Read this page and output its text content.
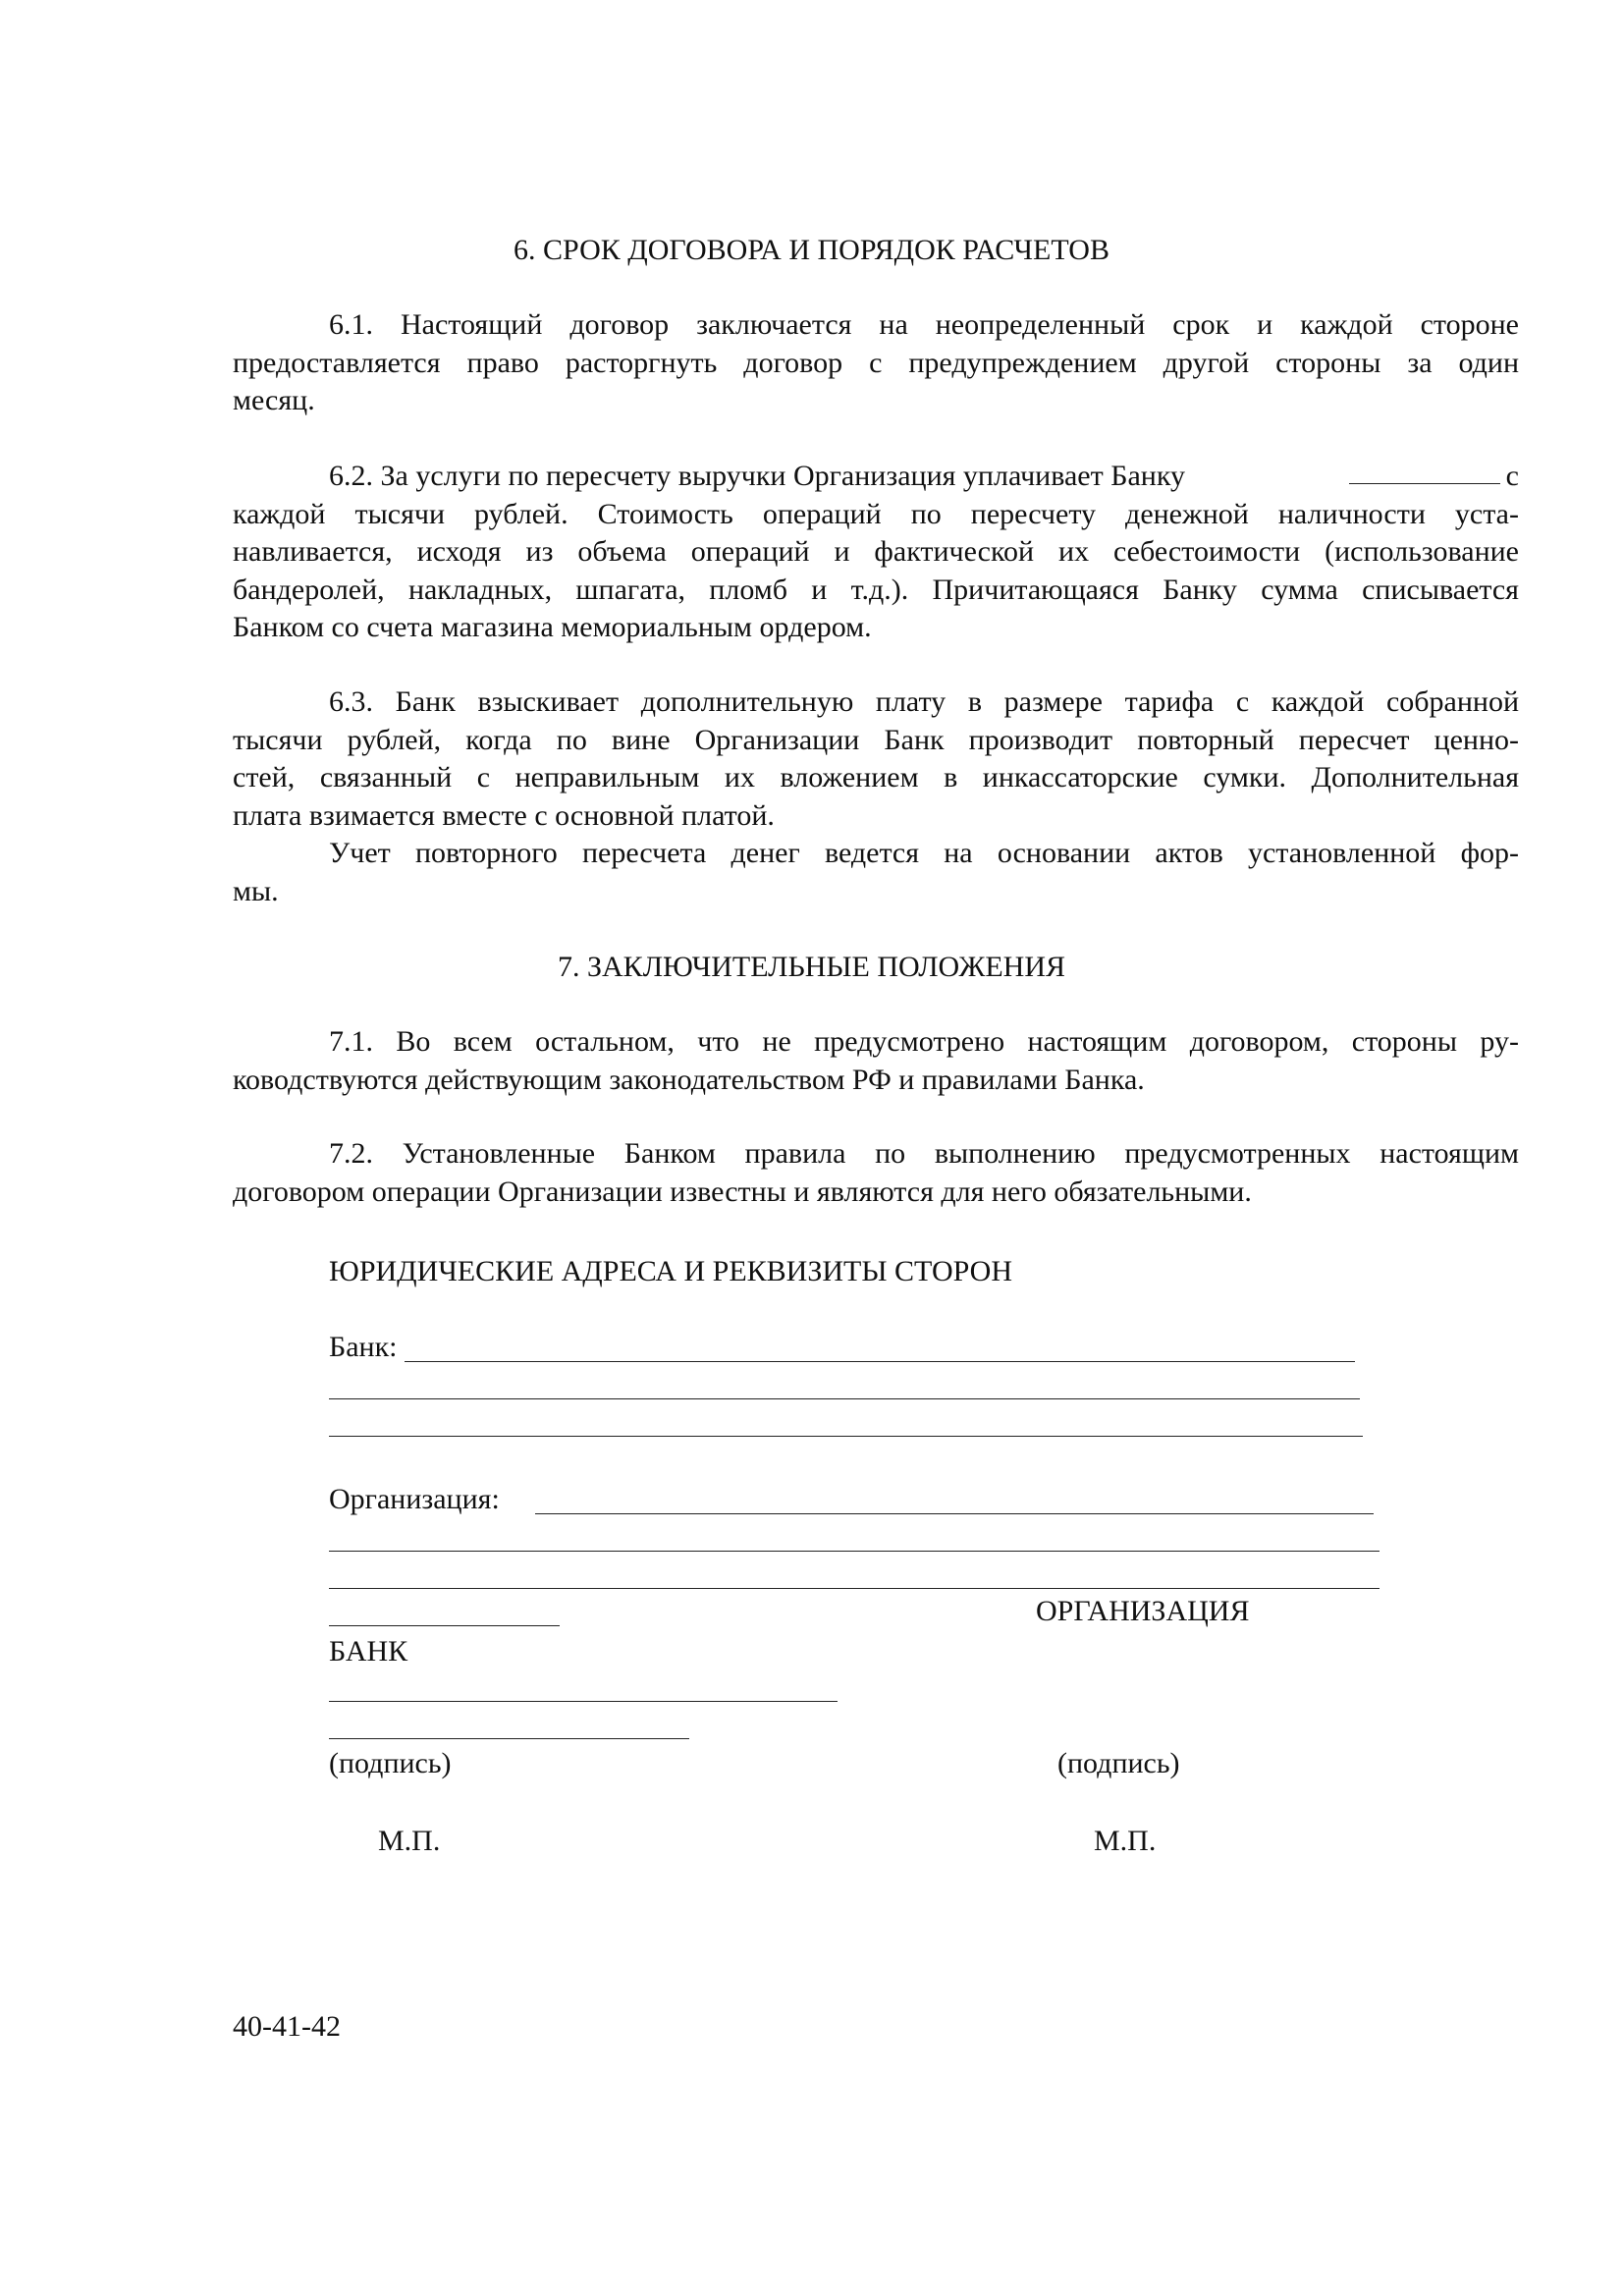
6. СРОК ДОГОВОРА И ПОРЯДОК РАСЧЕТОВ
6.1. Настоящий договор заключается на неопределенный срок и каждой стороне
предоставляется право расторгнуть договор с предупреждением другой стороны за один
месяц.
6.2. За услуги по пересчету выручки Организация уплачивает Банку	с
каждой тысячи рублей. Стоимость операций по пересчету денежной наличности уста-
навливается, исходя из объема операций и фактической их себестоимости (использование
бандеролей, накладных, шпагата, пломб и т.д.). Причитающаяся Банку сумма списывается
Банком со счета магазина мемориальным ордером.
6.3. Банк взыскивает дополнительную плату в размере тарифа с каждой собранной
тысячи рублей, когда по вине Организации Банк производит повторный пересчет ценно-
стей, связанный с неправильным их вложением в инкассаторские сумки. Дополнительная
плата взимается вместе с основной платой.
Учет повторного пересчета денег ведется на основании актов установленной фор-
мы.
7. ЗАКЛЮЧИТЕЛЬНЫЕ ПОЛОЖЕНИЯ
7.1. Во всем остальном, что не предусмотрено настоящим договором, стороны ру-
ководствуются действующим законодательством РФ и правилами Банка.
7.2. Установленные Банком правила по выполнению предусмотренных настоящим
договором операции Организации известны и являются для него обязательными.
ЮРИДИЧЕСКИЕ АДРЕСА И РЕКВИЗИТЫ СТОРОН
Банк:
Организация:
ОРГАНИЗАЦИЯ
БАНК
(подпись)	(подпись)
М.П.	М.П.
40-41-42
